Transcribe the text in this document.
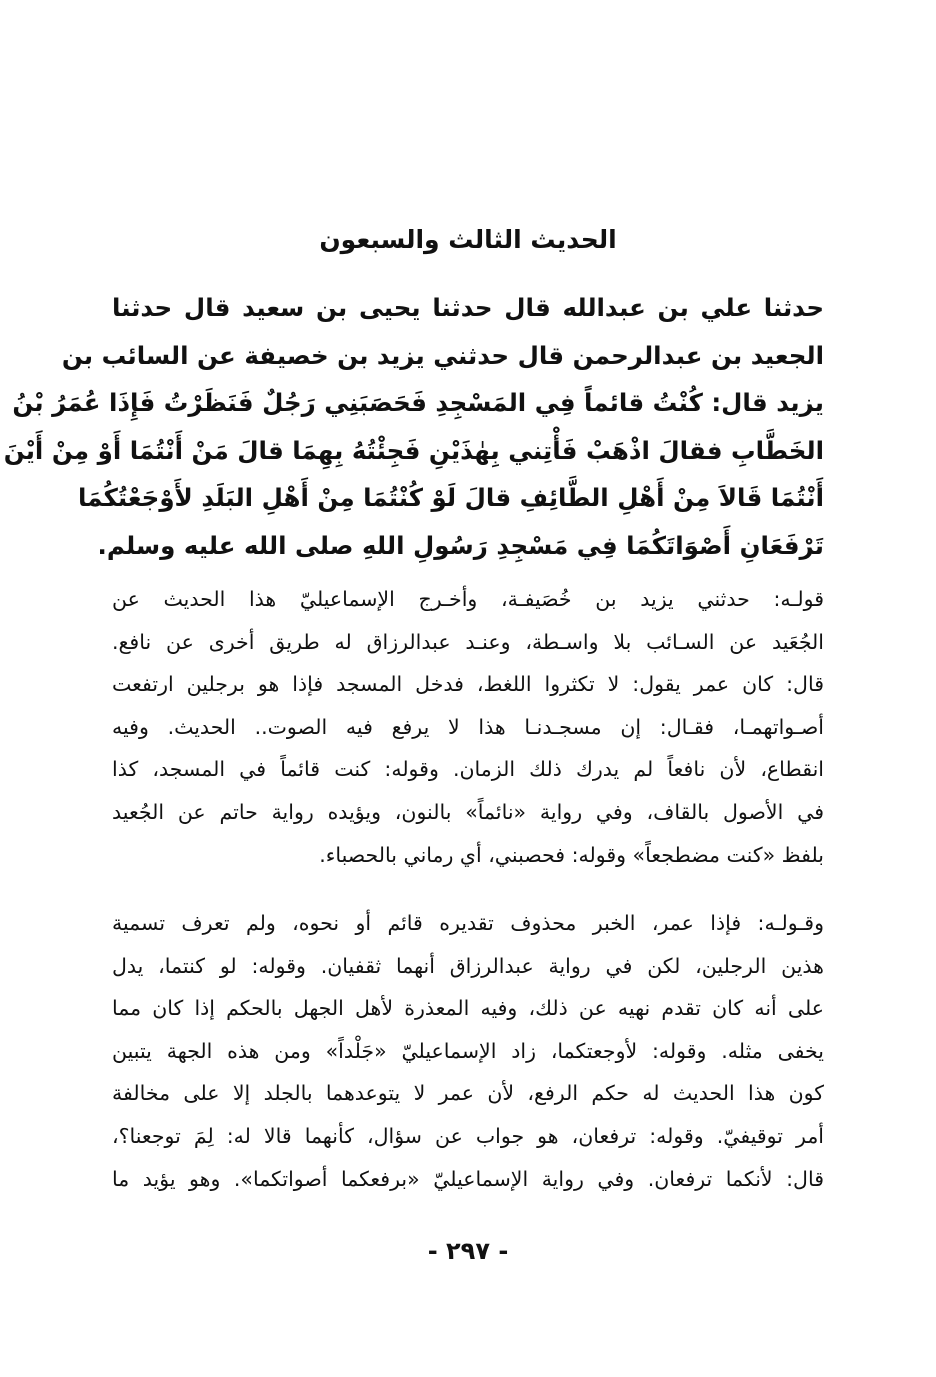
الحديث الثالث والسبعون
حدثنا علي بن عبدالله قال حدثنا يحيى بن سعيد قال حدثنا
الجعيد بن عبدالرحمن قال حدثني يزيد بن خصيفة عن السائب بن
يزيد قال: كُنْتُ قائماً فِي المَسْجِدِ فَحَصَبَنِي رَجُلٌ فَنَظَرْتُ فَإِذَا عُمَرُ بْنُ
الخَطَّابِ فقالَ اذْهَبْ فَأْتِني بِهٰذَيْنِ فَجِئْتُهُ بِهِمَا قالَ مَنْ أَنْتُمَا أَوْ مِنْ أَيْنَ
أَنْتُمَا قَالاَ مِنْ أَهْلِ الطَّائِفِ قالَ لَوْ كُنْتُمَا مِنْ أَهْلِ البَلَدِ لأَوْجَعْتُكُمَا
تَرْفَعَانِ أَصْوَاتَكُمَا فِي مَسْجِدِ رَسُولِ اللهِ صلى الله عليه وسلم.
قولـه: حدثني يزيد بن خُصَيفـة، وأخـرج الإسماعيليّ هذا الحديث عن
الجُعَيد عن السـائب بلا واسـطة، وعنـد عبدالرزاق له طريق أخرى عن نافع.
قال: كان عمر يقول: لا تكثروا اللغط، فدخل المسجد فإذا هو برجلين ارتفعت
أصـواتهمـا، فقـال: إن مسجـدنـا هذا لا يرفع فيه الصوت.. الحديث. وفيه
انقطاع، لأن نافعاً لم يدرك ذلك الزمان. وقوله: كنت قائماً في المسجد، كذا
في الأصول بالقاف، وفي رواية «نائماً» بالنون، ويؤيده رواية حاتم عن الجُعيد
بلفظ «كنت مضطجعاً» وقوله: فحصبني، أي رماني بالحصباء.
وقـولـه: فإذا عمر، الخبر محذوف تقديره قائم أو نحوه، ولم تعرف تسمية
هذين الرجلين، لكن في رواية عبدالرزاق أنهما ثقفيان. وقوله: لو كنتما، يدل
على أنه كان تقدم نهيه عن ذلك، وفيه المعذرة لأهل الجهل بالحكم إذا كان مما
يخفى مثله. وقوله: لأوجعتكما، زاد الإسماعيليّ «جَلْداً» ومن هذه الجهة يتبين
كون هذا الحديث له حكم الرفع، لأن عمر لا يتوعدهما بالجلد إلا على مخالفة
أمر توقيفيّ. وقوله: ترفعان، هو جواب عن سؤال، كأنهما قالا له: لِمَ توجعنا؟،
قال: لأنكما ترفعان. وفي رواية الإسماعيليّ «برفعكما أصواتكما». وهو يؤيد ما
- ٢٩٧ -
